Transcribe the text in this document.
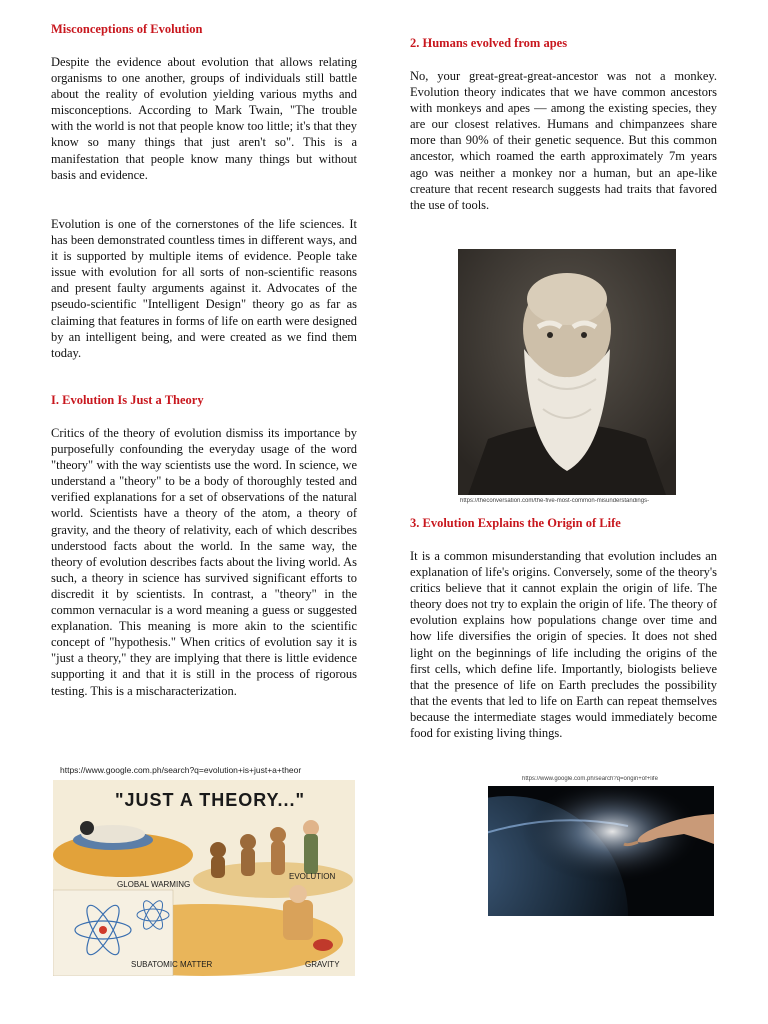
Misconceptions of Evolution

Despite the evidence about evolution that allows relating organisms to one another, groups of individuals still battle about the reality of evolution yielding various myths and misconceptions. According to Mark Twain, "The trouble with the world is not that people know too little; it's that they know so many things that just aren't so". This is a manifestation that people know many things but without basis and evidence.

Evolution is one of the cornerstones of the life sciences. It has been demonstrated countless times in different ways, and it is supported by multiple items of evidence. People take issue with evolution for all sorts of non-scientific reasons and present faulty arguments against it. Advocates of the pseudo-scientific "Intelligent Design" theory go as far as claiming that features in forms of life on earth were designed by an intelligent being, and were created as we find them today.

I. Evolution Is Just a Theory

Critics of the theory of evolution dismiss its importance by purposefully confounding the everyday usage of the word "theory" with the way scientists use the word. In science, we understand a "theory" to be a body of thoroughly tested and verified explanations for a set of observations of the natural world. Scientists have a theory of the atom, a theory of gravity, and the theory of relativity, each of which describes understood facts about the world. In the same way, the theory of evolution describes facts about the living world. As such, a theory in science has survived significant efforts to discredit it by scientists. In contrast, a "theory" in the common vernacular is a word meaning a guess or suggested explanation. This meaning is more akin to the scientific concept of "hypothesis." When critics of evolution say it is "just a theory," they are implying that there is little evidence supporting it and that it is still in the process of rigorous testing. This is a mischaracterization.

https://www.google.com.ph/search?q=evolution+is+just+a+theor
"JUST A THEORY..."
GLOBAL WARMING
EVOLUTION
SUBATOMIC MATTER	GRAVITY
2. Humans evolved from apes

No, your great-great-great-ancestor was not a monkey. Evolution theory indicates that we have common ancestors with monkeys and apes — among the existing species, they are our closest relatives. Humans and chimpanzees share more than 90% of their genetic sequence. But this common ancestor, which roamed the earth approximately 7m years ago was neither a monkey nor a human, but an ape-like creature that recent research suggests had traits that favored the use of tools.

3. Evolution Explains the Origin of Life

It is a common misunderstanding that evolution includes an explanation of life's origins. Conversely, some of the theory's critics believe that it cannot explain the origin of life. The theory does not try to explain the origin of life. The theory of evolution explains how populations change over time and how life diversifies the origin of species. It does not shed light on the beginnings of life including the origins of the first cells, which define life. Importantly, biologists believe that the presence of life on Earth precludes the possibility that the events that led to life on Earth can repeat themselves because the intermediate stages would immediately become food for existing living things.

https://theconversation.com/the-five-most-common-misunderstandings-
https://www.google.com.ph/search?q=origin+of+life
